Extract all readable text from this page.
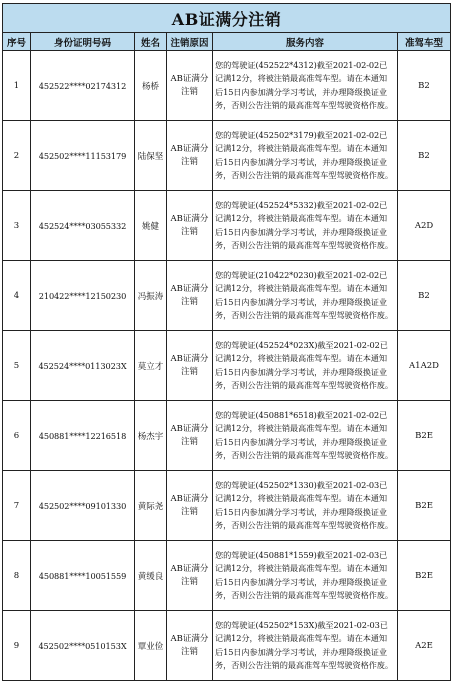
AB证满分注销					
序号	身份证明号码	姓名	注销原因	服务内容	准驾车型
1	452522****02174312	杨桥	AB证满分注销	您的驾驶证(452522*4312)截至2021-02-02已记满12分，将被注销最高准驾车型。请在本通知后15日内参加满分学习考试，并办理降级换证业务，否则公告注销的最高准驾车型驾驶资格作废。	B2
2	452502****11153179	陆保坚	AB证满分注销	您的驾驶证(452502*3179)截至2021-02-02已记满12分，将被注销最高准驾车型。请在本通知后15日内参加满分学习考试，并办理降级换证业务，否则公告注销的最高准驾车型驾驶资格作废。	B2
3	452524****03055332	姚健	AB证满分注销	您的驾驶证(452524*5332)截至2021-02-02已记满12分，将被注销最高准驾车型。请在本通知后15日内参加满分学习考试，并办理降级换证业务，否则公告注销的最高准驾车型驾驶资格作废。	A2D
4	210422****12150230	冯振涛	AB证满分注销	您的驾驶证(210422*0230)截至2021-02-02已记满12分，将被注销最高准驾车型。请在本通知后15日内参加满分学习考试，并办理降级换证业务，否则公告注销的最高准驾车型驾驶资格作废。	B2
5	452524****0113023X	莫立才	AB证满分注销	您的驾驶证(452524*023X)截至2021-02-02已记满12分，将被注销最高准驾车型。请在本通知后15日内参加满分学习考试，并办理降级换证业务，否则公告注销的最高准驾车型驾驶资格作废。	A1A2D
6	450881****12216518	杨杰宇	AB证满分注销	您的驾驶证(450881*6518)截至2021-02-02已记满12分，将被注销最高准驾车型。请在本通知后15日内参加满分学习考试，并办理降级换证业务，否则公告注销的最高准驾车型驾驶资格作废。	B2E
7	452502****09101330	黄际尧	AB证满分注销	您的驾驶证(452502*1330)截至2021-02-03已记满12分，将被注销最高准驾车型。请在本通知后15日内参加满分学习考试，并办理降级换证业务，否则公告注销的最高准驾车型驾驶资格作废。	B2E
8	450881****10051559	黄缓良	AB证满分注销	您的驾驶证(450881*1559)截至2021-02-03已记满12分，将被注销最高准驾车型。请在本通知后15日内参加满分学习考试，并办理降级换证业务，否则公告注销的最高准驾车型驾驶资格作废。	B2E
9	452502****0510153X	覃业俭	AB证满分注销	您的驾驶证(452502*153X)截至2021-02-03已记满12分，将被注销最高准驾车型。请在本通知后15日内参加满分学习考试，并办理降级换证业务，否则公告注销的最高准驾车型驾驶资格作废。	A2E
